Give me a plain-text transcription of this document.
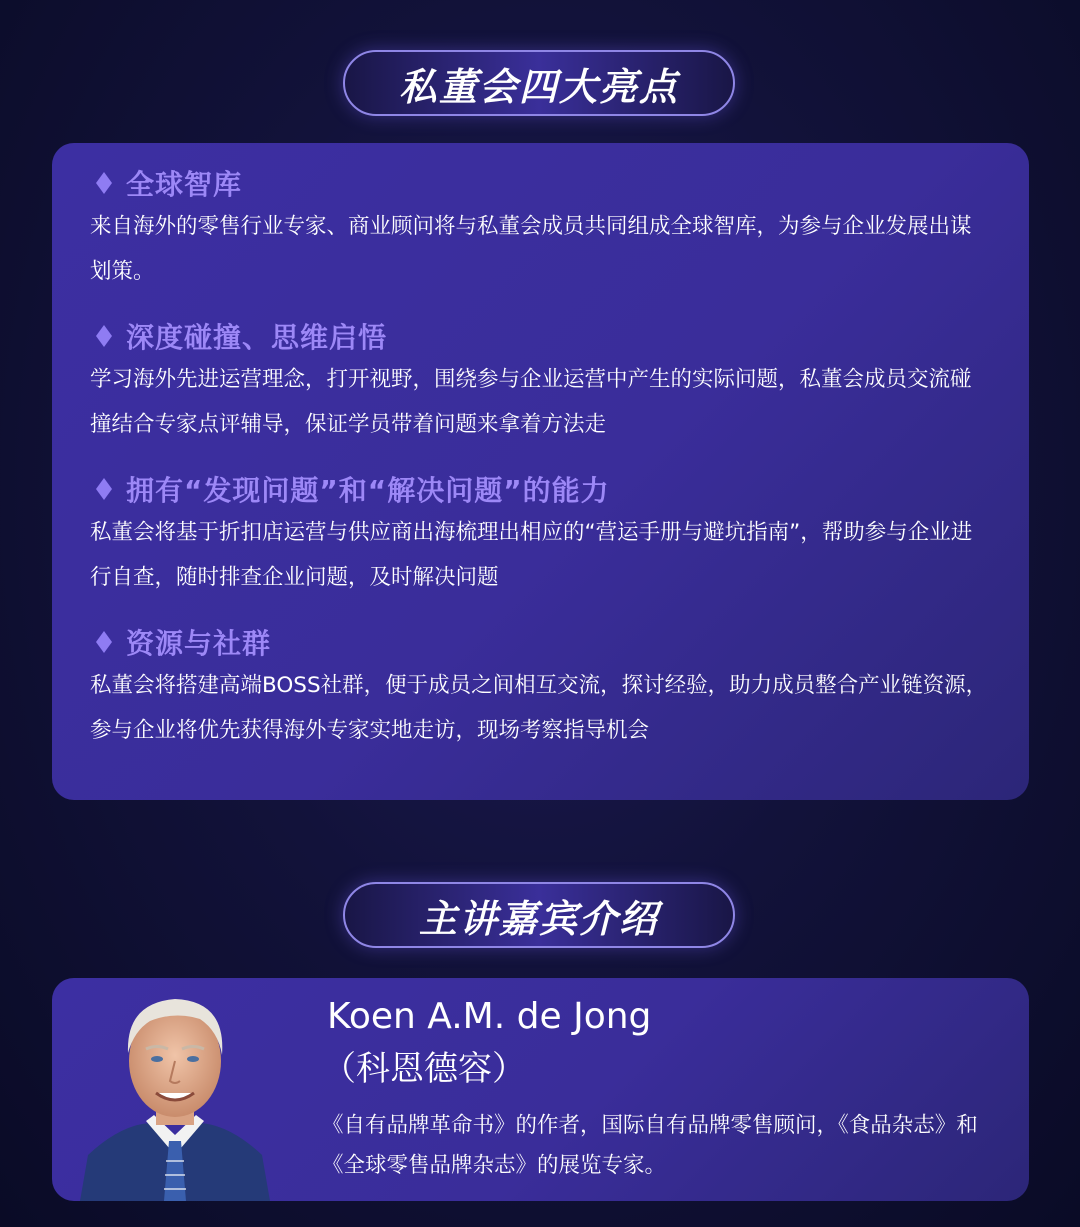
私董会四大亮点
全球智库
来自海外的零售行业专家、商业顾问将与私董会成员共同组成全球智库，为参与企业发展出谋划策。
深度碰撞、思维启悟
学习海外先进运营理念，打开视野，围绕参与企业运营中产生的实际问题，私董会成员交流碰撞结合专家点评辅导，保证学员带着问题来拿着方法走
拥有“发现问题”和“解决问题”的能力
私董会将基于折扣店运营与供应商出海梳理出相应的“营运手册与避坑指南”，帮助参与企业进行自查，随时排查企业问题，及时解决问题
资源与社群
私董会将搭建高端BOSS社群，便于成员之间相互交流，探讨经验，助力成员整合产业链资源，参与企业将优先获得海外专家实地走访，现场考察指导机会
主讲嘉宾介绍
Koen A.M. de Jong
（科恩德容）
《自有品牌革命书》的作者，国际自有品牌零售顾问，《食品杂志》和《全球零售品牌杂志》的展览专家。
